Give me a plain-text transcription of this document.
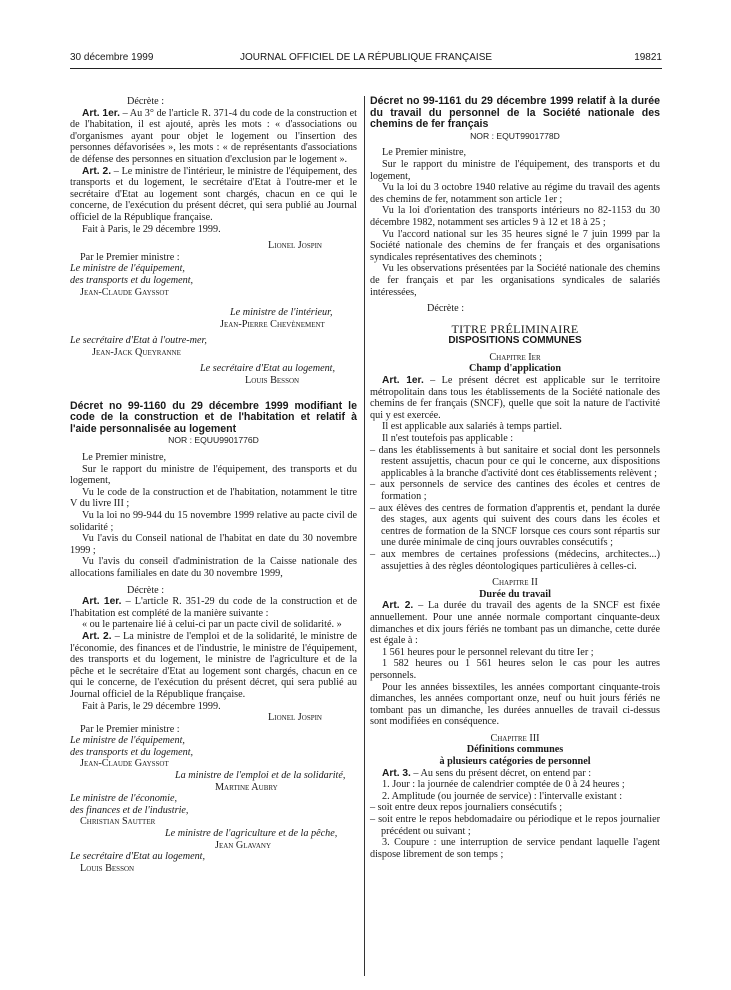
30 décembre 1999	JOURNAL OFFICIEL DE LA RÉPUBLIQUE FRANÇAISE	19821

Décrète :

Art. 1er. – Au 3° de l'article R. 371-4 du code de la construction et de l'habitation, il est ajouté, après les mots : « d'associations ou d'organismes ayant pour objet le logement ou l'insertion des personnes défavorisées », les mots : « de représentants d'associations de défense des personnes en situation d'exclusion par le logement ».

Art. 2. – Le ministre de l'intérieur, le ministre de l'équipement, des transports et du logement, le secrétaire d'Etat à l'outre-mer et le secrétaire d'Etat au logement sont chargés, chacun en ce qui le concerne, de l'exécution du présent décret, qui sera publié au Journal officiel de la République française.

Fait à Paris, le 29 décembre 1999.

Lionel Jospin

Par le Premier ministre :

Le ministre de l'équipement,

des transports et du logement,

Jean-Claude Gayssot

Le ministre de l'intérieur,

Jean-Pierre Chevènement

Le secrétaire d'Etat à l'outre-mer,

Jean-Jack Queyranne

Le secrétaire d'Etat au logement,

Louis Besson

Décret no 99-1160 du 29 décembre 1999 modifiant le code de la construction et de l'habitation et relatif à l'aide personnalisée au logement

NOR : EQUU9901776D

Le Premier ministre,

Sur le rapport du ministre de l'équipement, des transports et du logement,

Vu le code de la construction et de l'habitation, notamment le titre V du livre III ;

Vu la loi no 99-944 du 15 novembre 1999 relative au pacte civil de solidarité ;

Vu l'avis du Conseil national de l'habitat en date du 30 novembre 1999 ;

Vu l'avis du conseil d'administration de la Caisse nationale des allocations familiales en date du 30 novembre 1999,

Décrète :

Art. 1er. – L'article R. 351-29 du code de la construction et de l'habitation est complété de la manière suivante :

« ou le partenaire lié à celui-ci par un pacte civil de solidarité. »

Art. 2. – La ministre de l'emploi et de la solidarité, le ministre de l'économie, des finances et de l'industrie, le ministre de l'équipement, des transports et du logement, le ministre de l'agriculture et de la pêche et le secrétaire d'Etat au logement sont chargés, chacun en ce qui le concerne, de l'exécution du présent décret, qui sera publié au Journal officiel de la République française.

Fait à Paris, le 29 décembre 1999.

Lionel Jospin

Par le Premier ministre :

Le ministre de l'équipement,

des transports et du logement,

Jean-Claude Gayssot

La ministre de l'emploi et de la solidarité,

Martine Aubry

Le ministre de l'économie,

des finances et de l'industrie,

Christian Sautter

Le ministre de l'agriculture et de la pêche,

Jean Glavany

Le secrétaire d'Etat au logement,

Louis Besson

Décret no 99-1161 du 29 décembre 1999 relatif à la durée du travail du personnel de la Société nationale des chemins de fer français

NOR : EQUT9901778D

Le Premier ministre,

Sur le rapport du ministre de l'équipement, des transports et du logement,

Vu la loi du 3 octobre 1940 relative au régime du travail des agents des chemins de fer, notamment son article 1er ;

Vu la loi d'orientation des transports intérieurs no 82-1153 du 30 décembre 1982, notamment ses articles 9 à 12 et 18 à 25 ;

Vu l'accord national sur les 35 heures signé le 7 juin 1999 par la Société nationale des chemins de fer français et des organisations syndicales représentatives des cheminots ;

Vu les observations présentées par la Société nationale des chemins de fer français et par les organisations syndicales de salariés intéressées,

Décrète :

TITRE PRÉLIMINAIRE

DISPOSITIONS COMMUNES

Chapitre Ier

Champ d'application

Art. 1er. – Le présent décret est applicable sur le territoire métropolitain dans tous les établissements de la Société nationale des chemins de fer français (SNCF), quelle que soit la nature de l'activité qui y est exercée.

Il est applicable aux salariés à temps partiel.

Il n'est toutefois pas applicable :

– dans les établissements à but sanitaire et social dont les personnels restent assujettis, chacun pour ce qui le concerne, aux dispositions applicables à la branche d'activité dont ces établissements relèvent ;
– aux personnels de service des cantines des écoles et centres de formation ;
– aux élèves des centres de formation d'apprentis et, pendant la durée des stages, aux agents qui suivent des cours dans les écoles et centres de formation de la SNCF lorsque ces cours sont répartis sur une durée minimale de cinq jours ouvrables consécutifs ;
– aux membres de certaines professions (médecins, architectes...) assujetties à des règles déontologiques particulières à celles-ci.

Chapitre II

Durée du travail

Art. 2. – La durée du travail des agents de la SNCF est fixée annuellement. Pour une année normale comportant cinquante-deux dimanches et dix jours fériés ne tombant pas un dimanche, cette durée est égale à :

1 561 heures pour le personnel relevant du titre Ier ;

1 582 heures ou 1 561 heures selon le cas pour les autres personnels.

Pour les années bissextiles, les années comportant cinquante-trois dimanches, les années comportant onze, neuf ou huit jours fériés ne tombant pas un dimanche, les durées annuelles de travail ci-dessus sont modifiées en conséquence.

Chapitre III

Définitions communes

à plusieurs catégories de personnel

Art. 3. – Au sens du présent décret, on entend par :

1. Jour : la journée de calendrier comptée de 0 à 24 heures ;

2. Amplitude (ou journée de service) : l'intervalle existant :

– soit entre deux repos journaliers consécutifs ;
– soit entre le repos hebdomadaire ou périodique et le repos journalier précédent ou suivant ;

3. Coupure : une interruption de service pendant laquelle l'agent dispose librement de son temps ;
